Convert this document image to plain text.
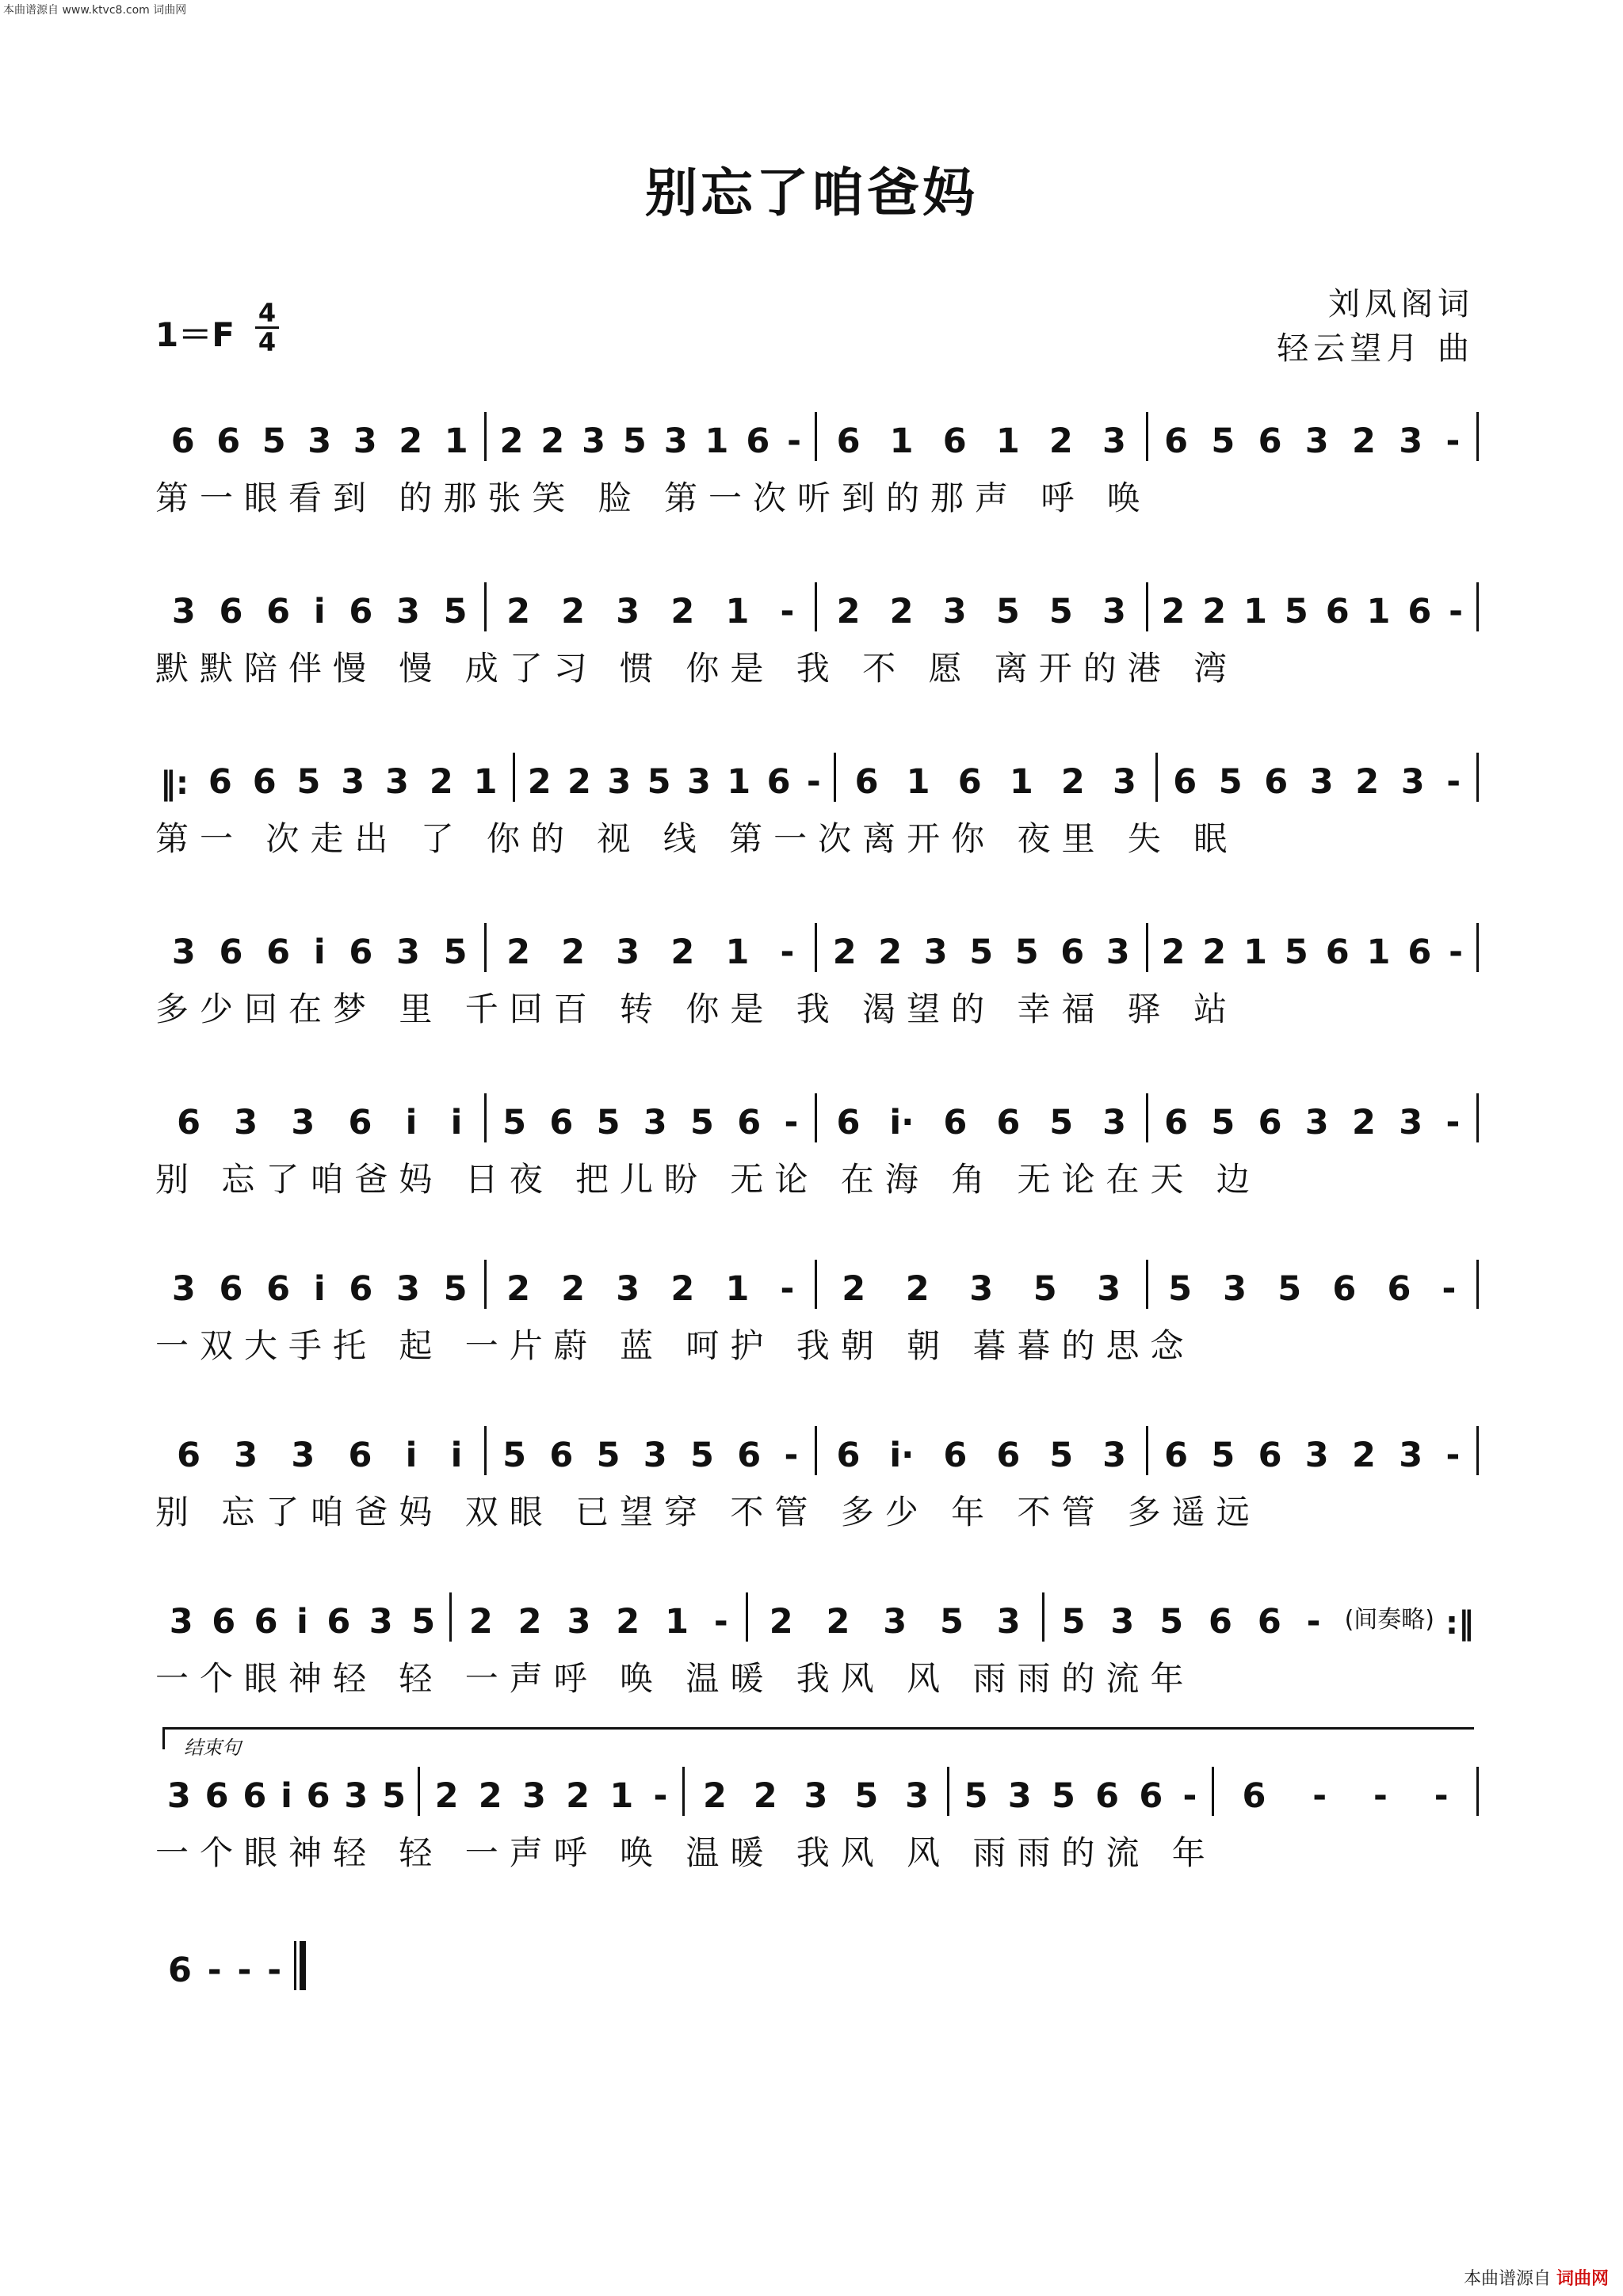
本曲谱源自 www.ktvc8.com 词曲网
别忘了咱爸妈
刘凤阁词
轻云望月 曲
1＝F
4
4
6 6 5 3 3 2 1 2 2 3 5 3 1 6 - 6 1 6 1 2 3 6 5 6 3 2 3 -
第一眼看到 的那张笑 脸 第一次听到的那声 呼 唤
3 6 6 i 6 3 5 2 2 3 2 1 - 2 2 3 5 5 3 2 2 1 5 6 1 6 -
默默陪伴慢 慢 成了习 惯 你是 我 不 愿 离开的港 湾
‖: 6 6 5 3 3 2 1 2 2 3 5 3 1 6 - 6 1 6 1 2 3 6 5 6 3 2 3 -
第一 次走出 了 你的 视 线 第一次离开你 夜里 失 眠
3 6 6 i 6 3 5 2 2 3 2 1 - 2 2 3 5 5 6 3 2 2 1 5 6 1 6 -
多少回在梦 里 千回百 转 你是 我 渴望的 幸福 驿 站
6 3 3 6 i i 5 6 5 3 5 6 - 6 i· 6 6 5 3 6 5 6 3 2 3 -
别 忘了咱爸妈 日夜 把儿盼 无论 在海 角 无论在天 边
3 6 6 i 6 3 5 2 2 3 2 1 - 2 2 3 5 3 5 3 5 6 6 -
一双大手托 起 一片蔚 蓝 呵护 我朝 朝 暮暮的思念
6 3 3 6 i i 5 6 5 3 5 6 - 6 i· 6 6 5 3 6 5 6 3 2 3 -
别 忘了咱爸妈 双眼 已望穿 不管 多少 年 不管 多遥远
3 6 6 i 6 3 5 2 2 3 2 1 - 2 2 3 5 3 5 3 5 6 6 - (间奏略) :‖
一个眼神轻 轻 一声呼 唤 温暖 我风 风 雨雨的流年
3 6 6 i 6 3 5 2 2 3 2 1 - 2 2 3 5 3 5 3 5 6 6 - 6 - - -
一个眼神轻 轻 一声呼 唤 温暖 我风 风 雨雨的流 年
6 - - -
结束句
本曲谱源自 词曲网
